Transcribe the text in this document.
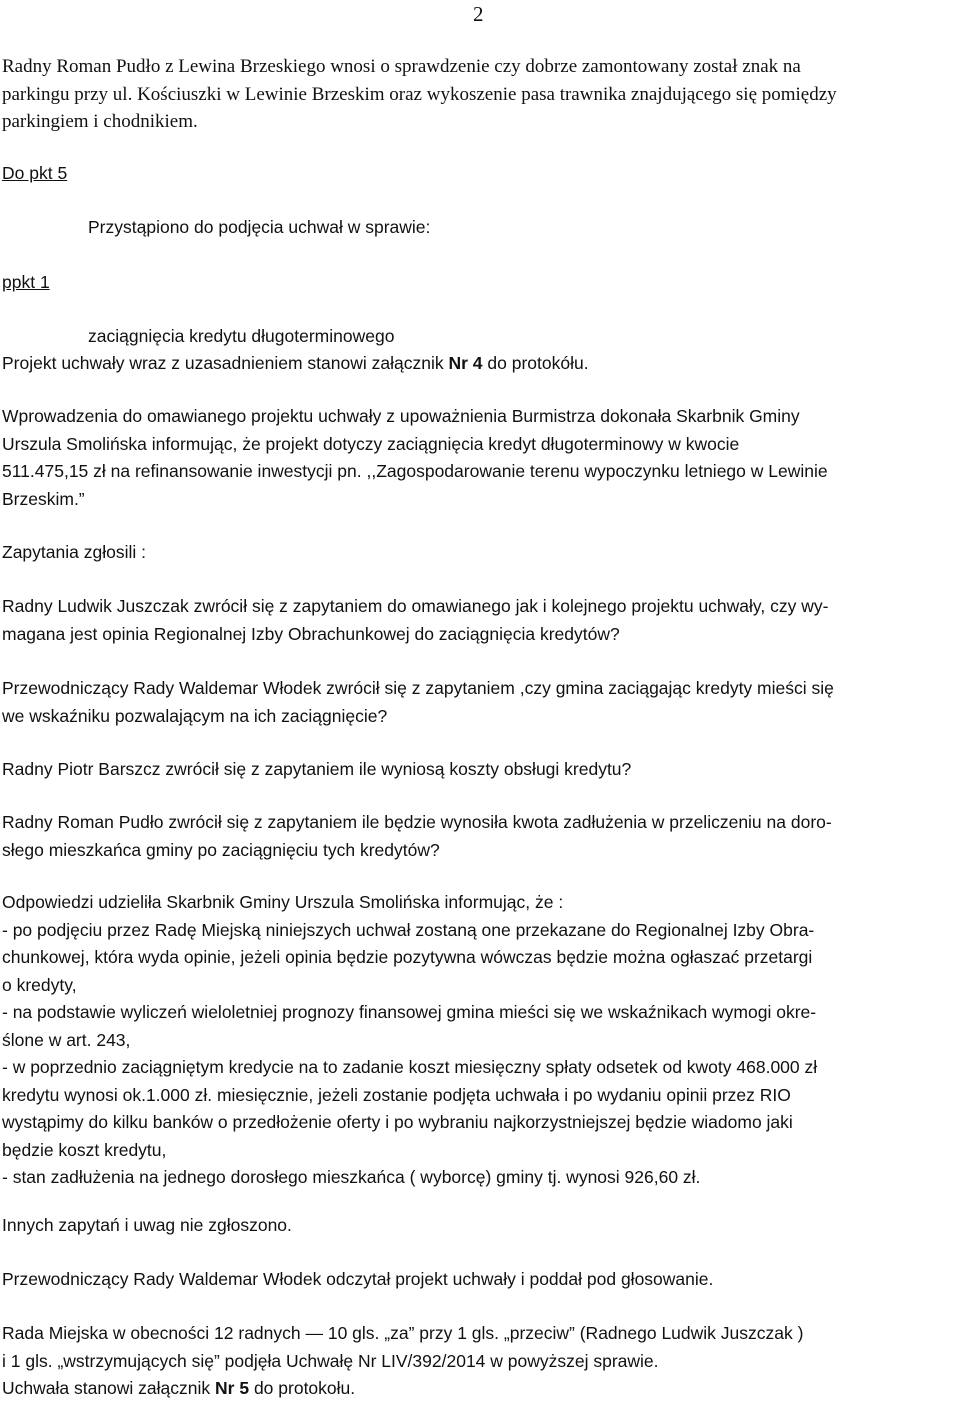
2
Radny Roman Pudło z Lewina Brzeskiego wnosi o sprawdzenie czy dobrze zamontowany został znak na
parkingu przy ul. Kościuszki w Lewinie Brzeskim oraz wykoszenie pasa trawnika znajdującego się pomiędzy
parkingiem i chodnikiem.
Do pkt 5
Przystąpiono do podjęcia uchwał w sprawie:
ppkt 1
zaciągnięcia kredytu długoterminowego
Projekt uchwały wraz z uzasadnieniem stanowi załącznik Nr 4 do protokółu.
Wprowadzenia do omawianego projektu uchwały z upoważnienia Burmistrza dokonała Skarbnik Gminy
Urszula Smolińska informując, że projekt dotyczy zaciągnięcia kredyt długoterminowy w kwocie
511.475,15 zł na refinansowanie inwestycji pn. ,,Zagospodarowanie terenu wypoczynku letniego w Lewinie
Brzeskim.”
Zapytania zgłosili :
Radny Ludwik Juszczak zwrócił się z zapytaniem do omawianego jak i kolejnego projektu uchwały, czy wy-
magana jest opinia Regionalnej Izby Obrachunkowej do zaciągnięcia kredytów?
Przewodniczący Rady Waldemar Włodek zwrócił się z zapytaniem ,czy gmina zaciągając kredyty mieści się
we wskaźniku pozwalającym na ich zaciągnięcie?
Radny Piotr Barszcz zwrócił się z zapytaniem ile wyniosą koszty obsługi kredytu?
Radny Roman Pudło zwrócił się z zapytaniem ile będzie wynosiła kwota zadłużenia w przeliczeniu na doro-
słego mieszkańca gminy po zaciągnięciu tych kredytów?
Odpowiedzi udzieliła Skarbnik Gminy Urszula Smolińska informując, że :
- po podjęciu przez Radę Miejską niniejszych uchwał zostaną one przekazane do Regionalnej Izby Obra-
chunkowej, która wyda opinie, jeżeli opinia będzie pozytywna wówczas będzie można ogłaszać przetargi
o kredyty,
- na podstawie wyliczeń wieloletniej prognozy finansowej gmina mieści się we wskaźnikach wymogi okre-
ślone w art. 243,
- w poprzednio zaciągniętym kredycie na to zadanie koszt miesięczny spłaty odsetek od kwoty 468.000 zł
kredytu wynosi ok.1.000 zł. miesięcznie, jeżeli zostanie podjęta uchwała i po wydaniu opinii przez RIO
wystąpimy do kilku banków o przedłożenie oferty i po wybraniu najkorzystniejszej będzie wiadomo jaki
będzie koszt kredytu,
- stan zadłużenia na jednego dorosłego mieszkańca ( wyborcę) gminy tj. wynosi 926,60 zł.
Innych zapytań i uwag nie zgłoszono.
Przewodniczący Rady Waldemar Włodek odczytał projekt uchwały i poddał pod głosowanie.
Rada Miejska w obecności 12 radnych — 10 gls. „za” przy 1 gls. „przeciw” (Radnego Ludwik Juszczak )
i 1 gls. „wstrzymujących się” podjęła Uchwałę Nr LIV/392/2014 w powyższej sprawie.
Uchwała stanowi załącznik Nr 5 do protokołu.
